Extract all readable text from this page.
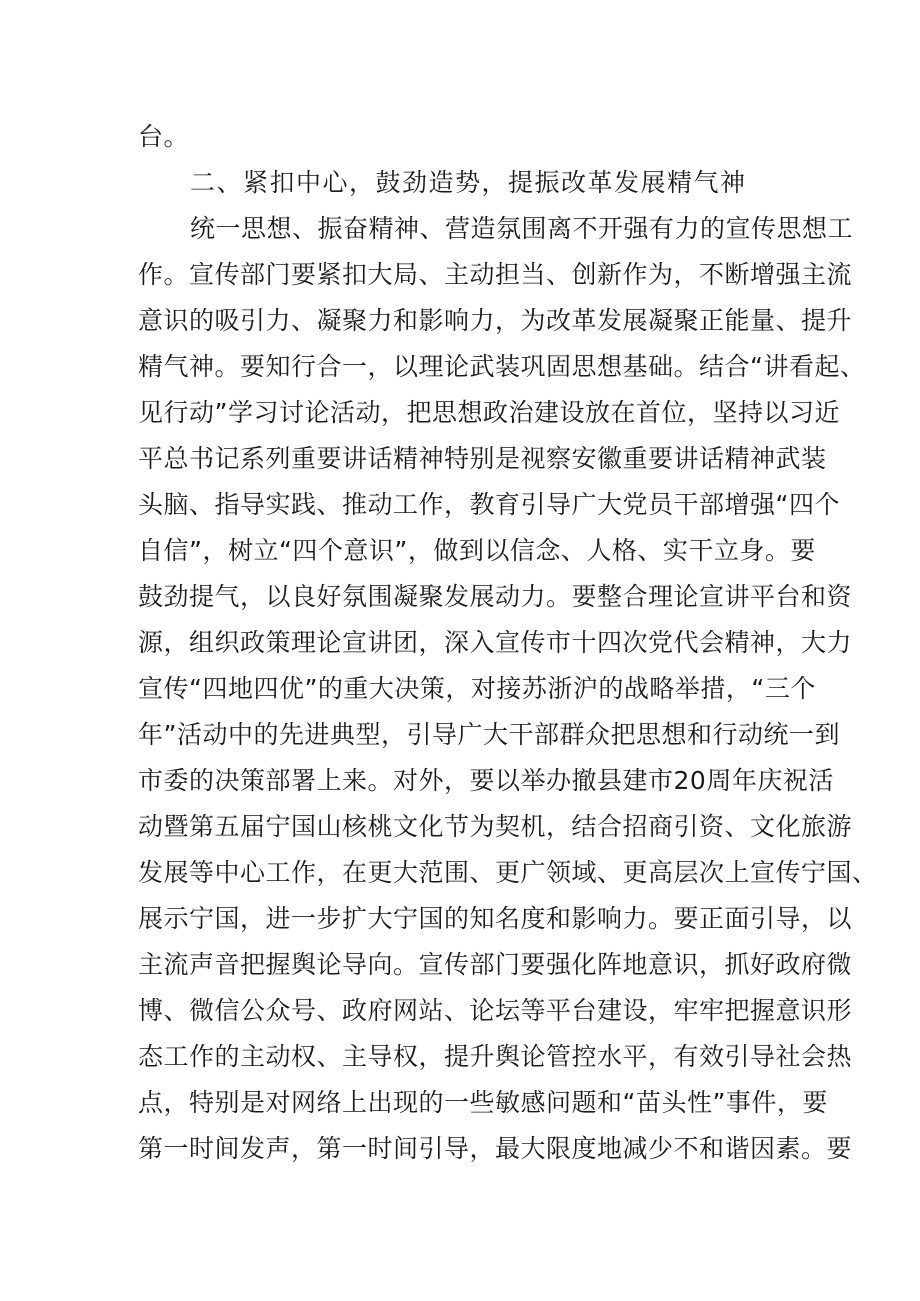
台。
二、紧扣中心，鼓劲造势，提振改革发展精气神
统一思想、振奋精神、营造氛围离不开强有力的宣传思想工
作。宣传部门要紧扣大局、主动担当、创新作为，不断增强主流
意识的吸引力、凝聚力和影响力，为改革发展凝聚正能量、提升
精气神。要知行合一，以理论武装巩固思想基础。结合“讲看起、
见行动”学习讨论活动，把思想政治建设放在首位，坚持以习近
平总书记系列重要讲话精神特别是视察安徽重要讲话精神武装
头脑、指导实践、推动工作，教育引导广大党员干部增强“四个
自信”，树立“四个意识”，做到以信念、人格、实干立身。要
鼓劲提气，以良好氛围凝聚发展动力。要整合理论宣讲平台和资
源，组织政策理论宣讲团，深入宣传市十四次党代会精神，大力
宣传“四地四优”的重大决策，对接苏浙沪的战略举措，“三个
年”活动中的先进典型，引导广大干部群众把思想和行动统一到
市委的决策部署上来。对外，要以举办撤县建市20周年庆祝活
动暨第五届宁国山核桃文化节为契机，结合招商引资、文化旅游
发展等中心工作，在更大范围、更广领域、更高层次上宣传宁国、
展示宁国，进一步扩大宁国的知名度和影响力。要正面引导，以
主流声音把握舆论导向。宣传部门要强化阵地意识，抓好政府微
博、微信公众号、政府网站、论坛等平台建设，牢牢把握意识形
态工作的主动权、主导权，提升舆论管控水平，有效引导社会热
点，特别是对网络上出现的一些敏感问题和“苗头性”事件，要
第一时间发声，第一时间引导，最大限度地减少不和谐因素。要
